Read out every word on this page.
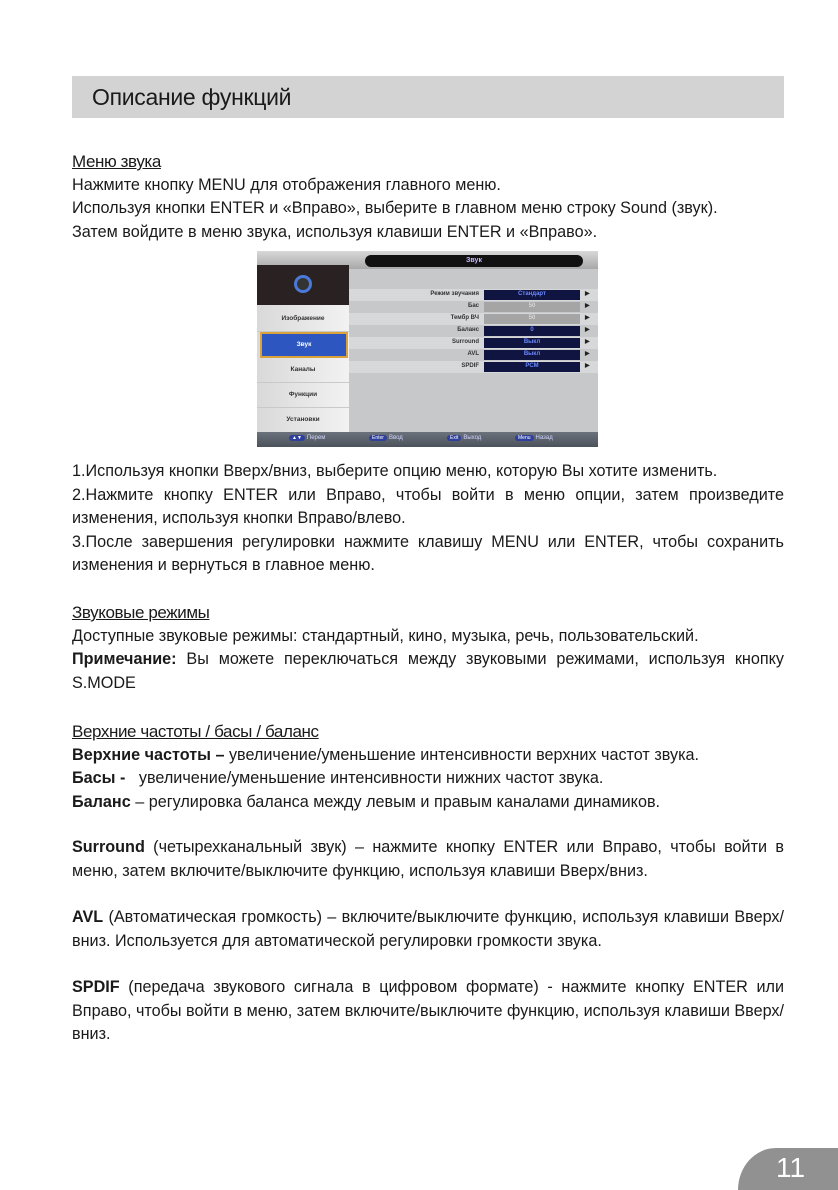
Описание функций
Меню звука
Нажмите кнопку MENU для отображения главного меню.
Используя кнопки ENTER и «Вправо», выберите в главном меню строку Sound (звук).
Затем войдите в меню звука, используя клавиши ENTER и «Вправо».
Звук
Изображение
Звук
Каналы
Функции
Установки
Режим звучания	Стандарт	▶
Бас	50	▶
Тембр ВЧ	50	▶
Баланс	0	▶
Surround	Выкл	▶
AVL	Выкл	▶
SPDIF	PCM	▶
▲▼ Перем	Enter Ввод	Exit Выход	Menu Назад
1.Используя кнопки Вверх/вниз, выберите опцию меню, которую Вы хотите изменить.
2.Нажмите кнопку ENTER или Вправо, чтобы войти в меню опции, затем произведите изменения, используя кнопки Вправо/влево.
3.После завершения регулировки нажмите клавишу MENU или ENTER, чтобы сохранить изменения и вернуться в главное меню.
Звуковые режимы
Доступные звуковые режимы: стандартный, кино, музыка, речь, пользовательский.
Примечание: Вы можете переключаться между звуковыми режимами, используя кнопку S.MODE
Верхние частоты / басы / баланс
Верхние частоты – увеличение/уменьшение интенсивности верхних частот звука.
Басы -   увеличение/уменьшение интенсивности нижних частот звука.
Баланс – регулировка баланса между левым и правым каналами динамиков.
Surround (четырехканальный звук) – нажмите кнопку ENTER или Вправо, чтобы войти в меню, затем включите/выключите функцию, используя клавиши Вверх/вниз.
AVL (Автоматическая громкость) – включите/выключите функцию, используя клавиши Вверх/вниз. Используется для автоматической регулировки громкости звука.
SPDIF (передача звукового сигнала в цифровом формате) - нажмите кнопку ENTER или Вправо, чтобы войти в меню, затем включите/выключите функцию, используя клавиши Вверх/вниз.
11
